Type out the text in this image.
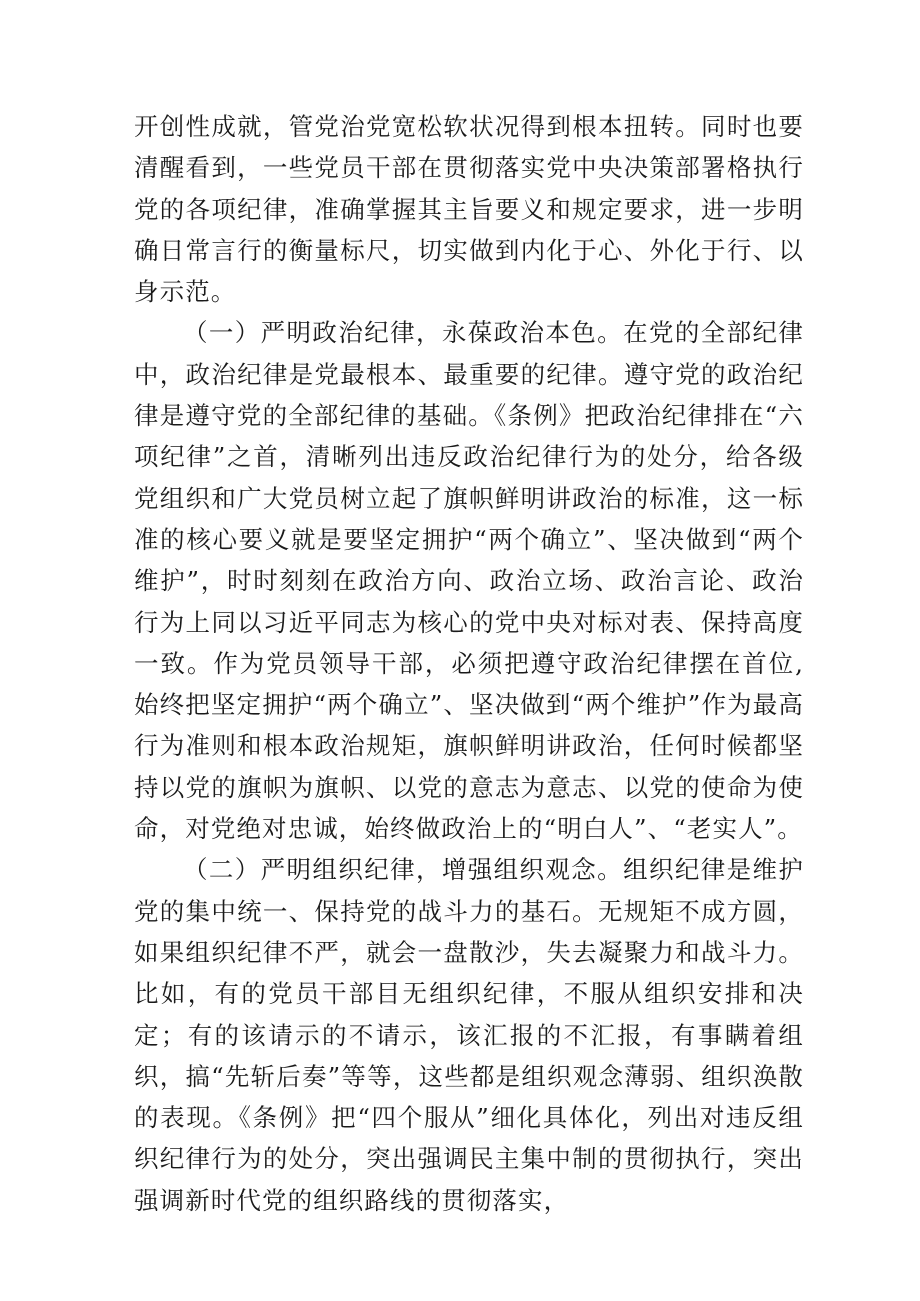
开创性成就，管党治党宽松软状况得到根本扭转。同时也要清醒看到，一些党员干部在贯彻落实党中央决策部署格执行党的各项纪律，准确掌握其主旨要义和规定要求，进一步明确日常言行的衡量标尺，切实做到内化于心、外化于行、以身示范。

（一）严明政治纪律，永葆政治本色。在党的全部纪律中，政治纪律是党最根本、最重要的纪律。遵守党的政治纪律是遵守党的全部纪律的基础。《条例》把政治纪律排在“六项纪律”之首，清晰列出违反政治纪律行为的处分，给各级党组织和广大党员树立起了旗帜鲜明讲政治的标准，这一标准的核心要义就是要坚定拥护“两个确立”、坚决做到“两个维护”，时时刻刻在政治方向、政治立场、政治言论、政治行为上同以习近平同志为核心的党中央对标对表、保持高度一致。作为党员领导干部，必须把遵守政治纪律摆在首位,始终把坚定拥护“两个确立”、坚决做到“两个维护”作为最高行为准则和根本政治规矩，旗帜鲜明讲政治，任何时候都坚持以党的旗帜为旗帜、以党的意志为意志、以党的使命为使命，对党绝对忠诚，始终做政治上的“明白人”、“老实人”。

（二）严明组织纪律，增强组织观念。组织纪律是维护党的集中统一、保持党的战斗力的基石。无规矩不成方圆，如果组织纪律不严，就会一盘散沙，失去凝聚力和战斗力。比如，有的党员干部目无组织纪律，不服从组织安排和决定；有的该请示的不请示，该汇报的不汇报，有事瞒着组织，搞“先斩后奏”等等，这些都是组织观念薄弱、组织涣散的表现。《条例》把“四个服从”细化具体化，列出对违反组织纪律行为的处分，突出强调民主集中制的贯彻执行，突出强调新时代党的组织路线的贯彻落实，
